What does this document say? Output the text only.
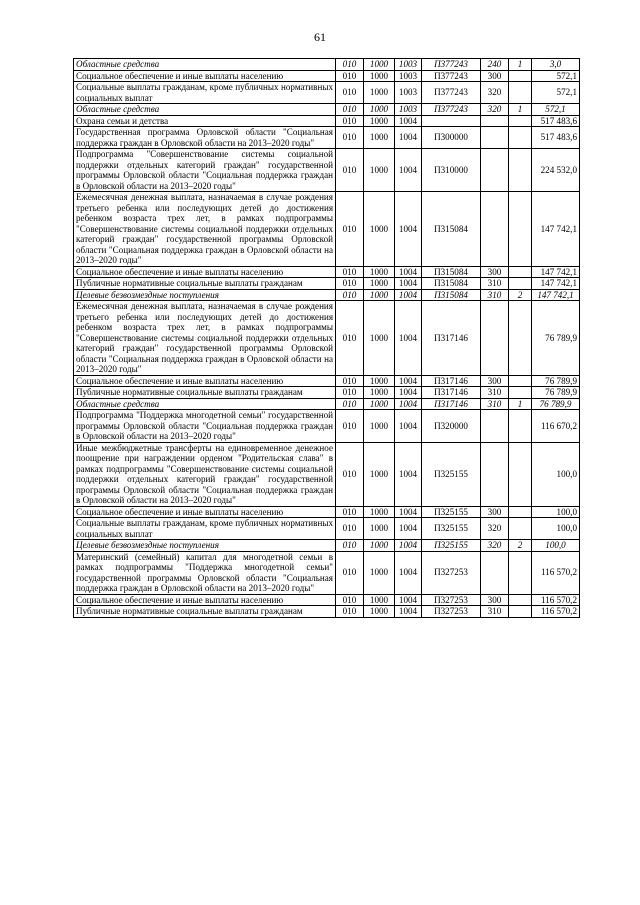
61
Областные средства	010	1000	1003	П377243	240	1	3,0
Социальное обеспечение и иные выплаты населению	010	1000	1003	П377243	300		572,1
Социальные выплаты гражданам, кроме публичных нормативных социальных выплат	010	1000	1003	П377243	320		572,1
Областные средства	010	1000	1003	П377243	320	1	572,1
Охрана семьи и детства	010	1000	1004				517 483,6
Государственная программа Орловской области "Социальная поддержка граждан в Орловской области на 2013–2020 годы"	010	1000	1004	П300000			517 483,6
Подпрограмма "Совершенствование системы социальной поддержки отдельных категорий граждан" государственной программы Орловской области "Социальная поддержка граждан в Орловской области на 2013–2020 годы"	010	1000	1004	П310000			224 532,0
Ежемесячная денежная выплата, назначаемая в случае рождения третьего ребенка или последующих детей до достижения ребенком возраста трех лет, в рамках подпрограммы "Совершенствование системы социальной поддержки отдельных категорий граждан" государственной программы Орловской области "Социальная поддержка граждан в Орловской области на 2013–2020 годы"	010	1000	1004	П315084			147 742,1
Социальное обеспечение и иные выплаты населению	010	1000	1004	П315084	300		147 742,1
Публичные нормативные социальные выплаты гражданам	010	1000	1004	П315084	310		147 742,1
Целевые безвозмездные поступления	010	1000	1004	П315084	310	2	147 742,1
Ежемесячная денежная выплата, назначаемая в случае рождения третьего ребенка или последующих детей до достижения ребенком возраста трех лет, в рамках подпрограммы "Совершенствование системы социальной поддержки отдельных категорий граждан" государственной программы Орловской области "Социальная поддержка граждан в Орловской области на 2013–2020 годы"	010	1000	1004	П317146			76 789,9
Социальное обеспечение и иные выплаты населению	010	1000	1004	П317146	300		76 789,9
Публичные нормативные социальные выплаты гражданам	010	1000	1004	П317146	310		76 789,9
Областные средства	010	1000	1004	П317146	310	1	76 789,9
Подпрограмма "Поддержка многодетной семьи" государственной программы Орловской области "Социальная поддержка граждан в Орловской области на 2013–2020 годы"	010	1000	1004	П320000			116 670,2
Иные межбюджетные трансферты на единовременное денежное поощрение при награждении орденом "Родительская слава" в рамках подпрограммы "Совершенствование системы социальной поддержки отдельных категорий граждан" государственной программы Орловской области "Социальная поддержка граждан в Орловской области на 2013–2020 годы"	010	1000	1004	П325155			100,0
Социальное обеспечение и иные выплаты населению	010	1000	1004	П325155	300		100,0
Социальные выплаты гражданам, кроме публичных нормативных социальных выплат	010	1000	1004	П325155	320		100,0
Целевые безвозмездные поступления	010	1000	1004	П325155	320	2	100,0
Материнский (семейный) капитал для многодетной семьи в рамках подпрограммы "Поддержка многодетной семьи" государственной программы Орловской области "Социальная поддержка граждан в Орловской области на 2013–2020 годы"	010	1000	1004	П327253			116 570,2
Социальное обеспечение и иные выплаты населению	010	1000	1004	П327253	300		116 570,2
Публичные нормативные социальные выплаты гражданам	010	1000	1004	П327253	310		116 570,2
